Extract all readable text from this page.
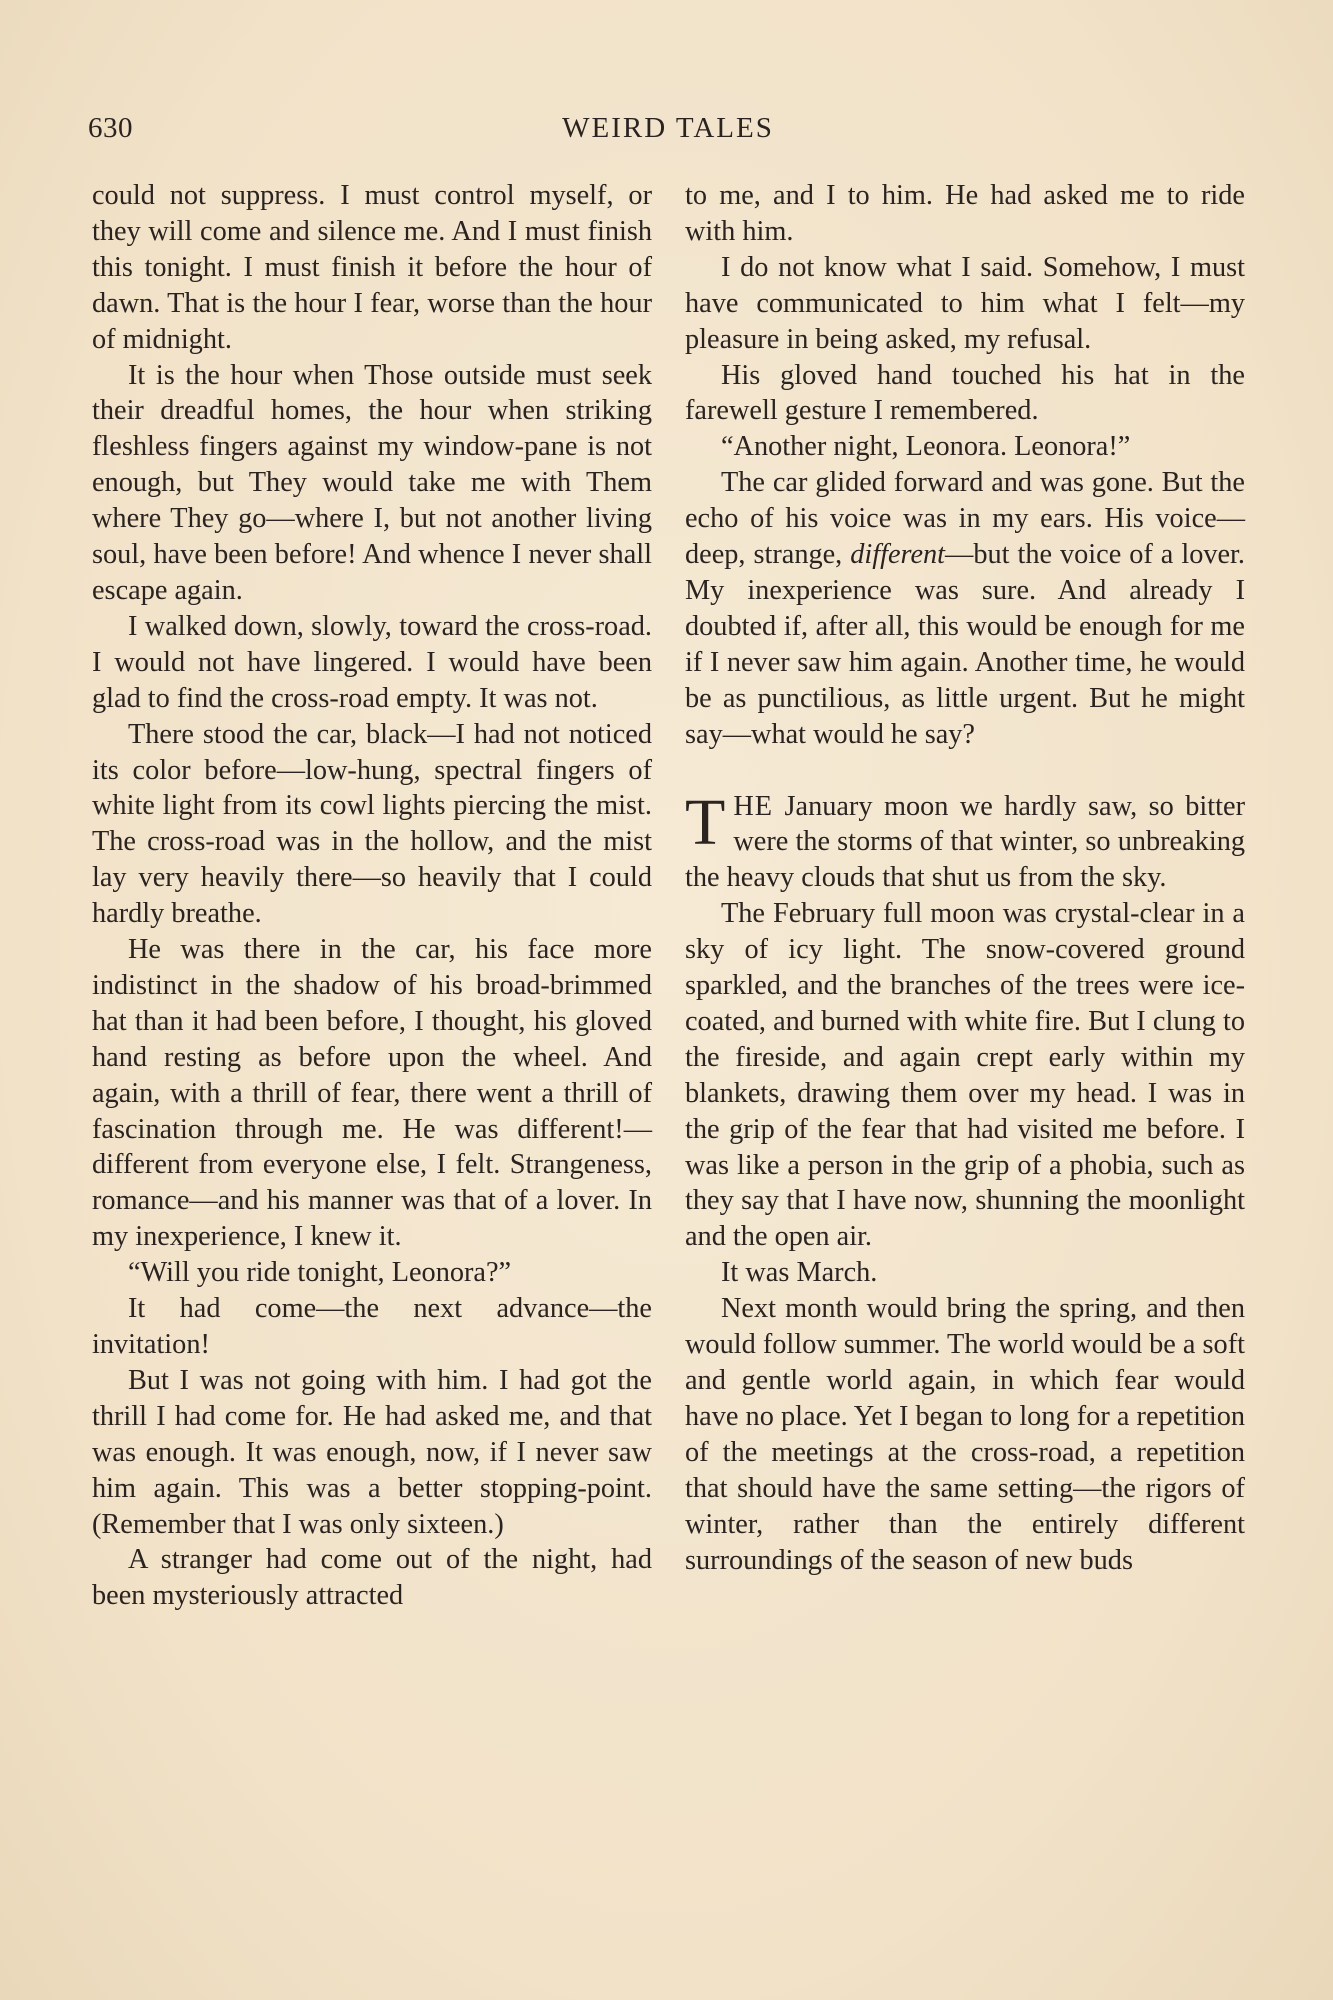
630	WEIRD TALES

could not suppress. I must control myself, or they will come and silence me. And I must finish this tonight. I must finish it before the hour of dawn. That is the hour I fear, worse than the hour of midnight.

It is the hour when Those outside must seek their dreadful homes, the hour when striking fleshless fingers against my window-pane is not enough, but They would take me with Them where They go—where I, but not another living soul, have been before! And whence I never shall escape again.

I walked down, slowly, toward the cross-road. I would not have lingered. I would have been glad to find the cross-road empty. It was not.

There stood the car, black—I had not noticed its color before—low-hung, spectral fingers of white light from its cowl lights piercing the mist. The cross-road was in the hollow, and the mist lay very heavily there—so heavily that I could hardly breathe.

He was there in the car, his face more indistinct in the shadow of his broad-brimmed hat than it had been before, I thought, his gloved hand resting as before upon the wheel. And again, with a thrill of fear, there went a thrill of fascination through me. He was different!—different from everyone else, I felt. Strangeness, romance—and his manner was that of a lover. In my inexperience, I knew it.

“Will you ride tonight, Leonora?”

It had come—the next advance—the invitation!

But I was not going with him. I had got the thrill I had come for. He had asked me, and that was enough. It was enough, now, if I never saw him again. This was a better stopping-point. (Remember that I was only sixteen.)

A stranger had come out of the night, had been mysteriously attracted

to me, and I to him. He had asked me to ride with him.

I do not know what I said. Somehow, I must have communicated to him what I felt—my pleasure in being asked, my refusal.

His gloved hand touched his hat in the farewell gesture I remembered.

“Another night, Leonora. Leonora!”

The car glided forward and was gone. But the echo of his voice was in my ears. His voice—deep, strange, different—but the voice of a lover. My inexperience was sure. And already I doubted if, after all, this would be enough for me if I never saw him again. Another time, he would be as punctilious, as little urgent. But he might say—what would he say?

THE January moon we hardly saw, so bitter were the storms of that winter, so unbreaking the heavy clouds that shut us from the sky.

The February full moon was crystal-clear in a sky of icy light. The snow-covered ground sparkled, and the branches of the trees were ice-coated, and burned with white fire. But I clung to the fireside, and again crept early within my blankets, drawing them over my head. I was in the grip of the fear that had visited me before. I was like a person in the grip of a phobia, such as they say that I have now, shunning the moonlight and the open air.

It was March.

Next month would bring the spring, and then would follow summer. The world would be a soft and gentle world again, in which fear would have no place. Yet I began to long for a repetition of the meetings at the cross-road, a repetition that should have the same setting—the rigors of winter, rather than the entirely different surroundings of the season of new buds
